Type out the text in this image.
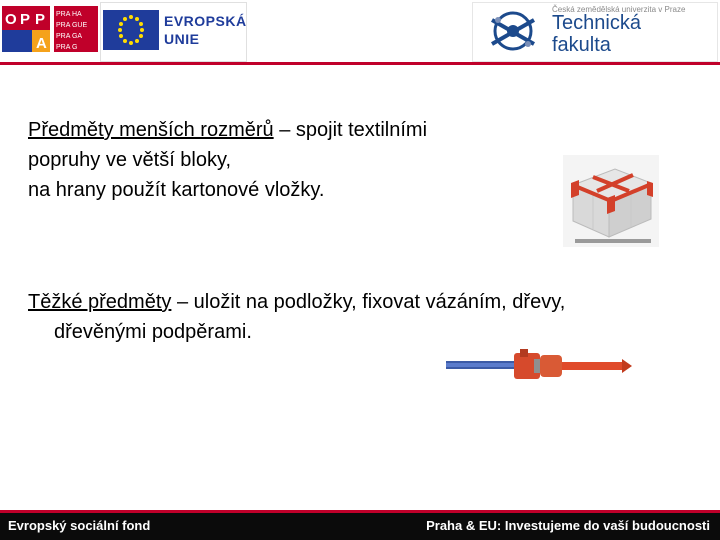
O P P
A
PRA HA
PRA GUE
PRA GA
PRA G
EVROPSKÁ
UNIE
Česká zemědělská univerzita v Praze
Technická
fakulta
Předměty menších rozměrů – spojit textilními
popruhy ve větší bloky,
na hrany použít kartonové vložky.
Těžké předměty – uložit na podložky, fixovat vázáním, dřevy,
dřevěnými podpěrami.
Evropský sociální fond	Praha & EU: Investujeme do vaší budoucnosti
